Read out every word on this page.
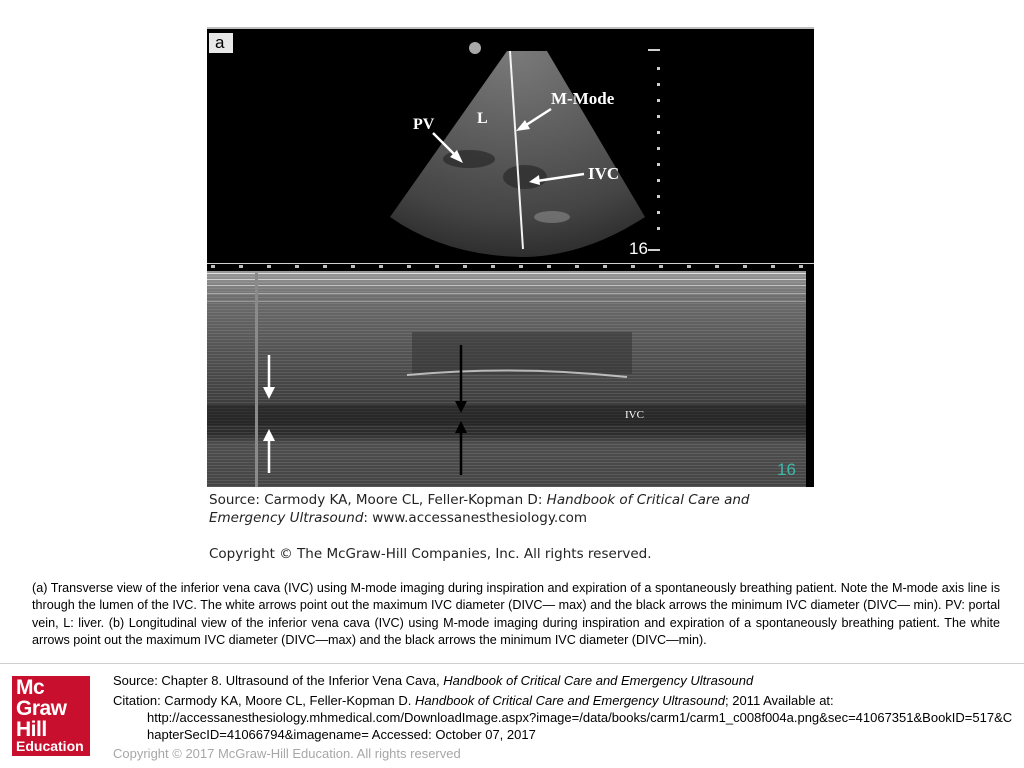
a
PV	L
M-Mode
IVC
16
IVC
16
Source: Carmody KA, Moore CL, Feller-Kopman D: Handbook of Critical Care and
Emergency Ultrasound: www.accessanesthesiology.com
Copyright © The McGraw-Hill Companies, Inc. All rights reserved.
(a) Transverse view of the inferior vena cava (IVC) using M-mode imaging during inspiration and expiration of a spontaneously breathing patient. Note the M-mode axis line is through the lumen of the IVC. The white arrows point out the maximum IVC diameter (DIVC— max) and the black arrows the minimum IVC diameter (DIVC— min). PV: portal vein, L: liver. (b) Longitudinal view of the inferior vena cava (IVC) using M-mode imaging during inspiration and expiration of a spontaneously breathing patient. The white arrows point out the maximum IVC diameter (DIVC—max) and the black arrows the minimum IVC diameter (DIVC—min).
Mc
Graw
Hill
Education
Source: Chapter 8. Ultrasound of the Inferior Vena Cava, Handbook of Critical Care and Emergency Ultrasound
Citation: Carmody KA, Moore CL, Feller-Kopman D. Handbook of Critical Care and Emergency Ultrasound; 2011 Available at:
http://accessanesthesiology.mhmedical.com/DownloadImage.aspx?image=/data/books/carm1/carm1_c008f004a.png&sec=41067351&BookID=517&ChapterSecID=41066794&imagename= Accessed: October 07, 2017
Copyright © 2017 McGraw-Hill Education. All rights reserved
